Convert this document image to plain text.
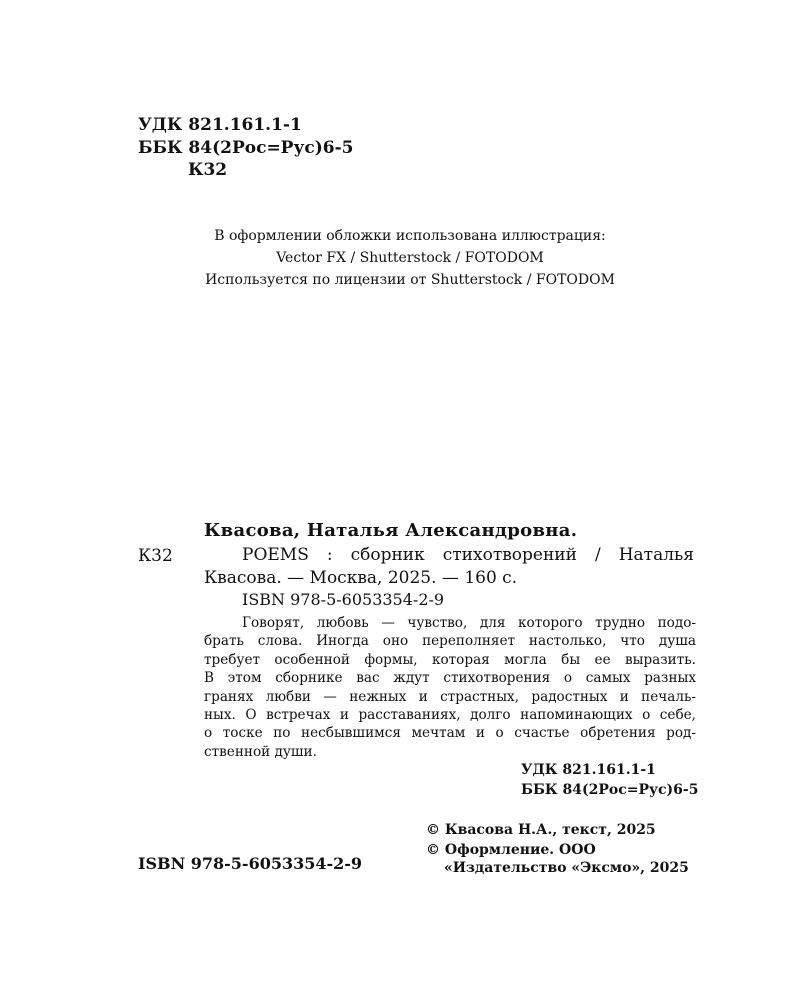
УДК 821.161.1-1
ББК 84(2Рос=Рус)6-5
К32
В оформлении обложки использована иллюстрация:
Vector FX / Shutterstock / FOTODOM
Используется по лицензии от Shutterstock / FOTODOM
Квасова, Наталья Александровна.
К32	POEMS : сборник стихотворений / Наталья
Квасова. — Москва, 2025. — 160 с.
ISBN 978-5-6053354-2-9
Говорят, любовь — чувство, для которого трудно подо-
брать слова. Иногда оно переполняет настолько, что душа
требует особенной формы, которая могла бы ее выразить.
В этом сборнике вас ждут стихотворения о самых разных
гранях любви — нежных и страстных, радостных и печаль-
ных. О встречах и расставаниях, долго напоминающих о себе,
о тоске по несбывшимся мечтам и о счастье обретения род-
ственной души.
УДК 821.161.1-1
ББК 84(2Рос=Рус)6-5
© Квасова Н.А., текст, 2025
© Оформление. ООО
«Издательство «Эксмо», 2025
ISBN 978-5-6053354-2-9
